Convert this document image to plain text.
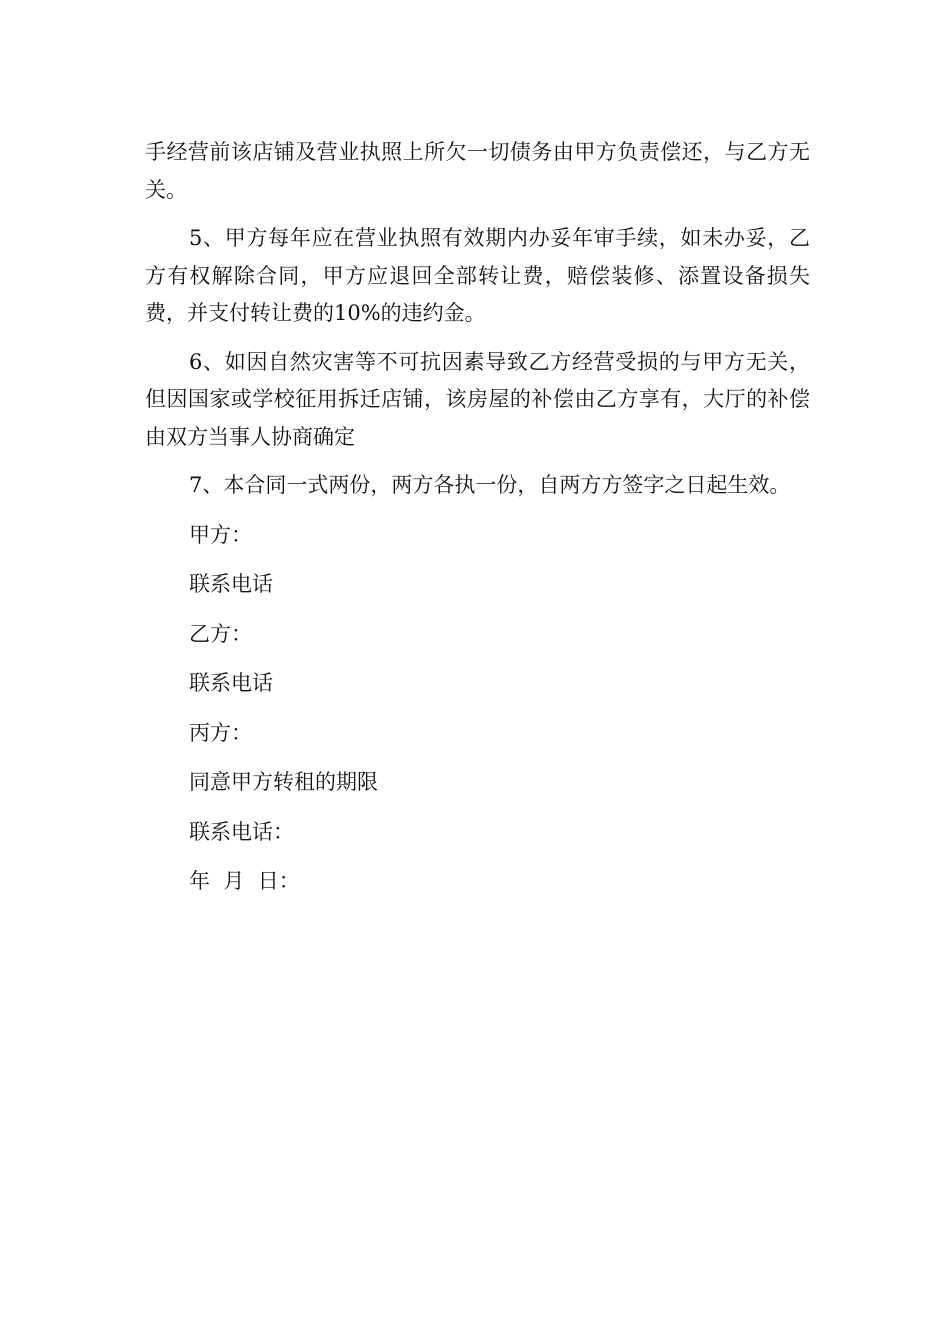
手经营前该店铺及营业执照上所欠一切债务由甲方负责偿还，与乙方无关。

5、甲方每年应在营业执照有效期内办妥年审手续，如未办妥，乙方有权解除合同，甲方应退回全部转让费，赔偿装修、添置设备损失费，并支付转让费的10%的违约金。

6、如因自然灾害等不可抗因素导致乙方经营受损的与甲方无关，但因国家或学校征用拆迁店铺，该房屋的补偿由乙方享有，大厅的补偿由双方当事人协商确定

7、本合同一式两份，两方各执一份，自两方方签字之日起生效。

甲方：

联系电话

乙方：

联系电话

丙方：

同意甲方转租的期限

联系电话：

年  月  日：
